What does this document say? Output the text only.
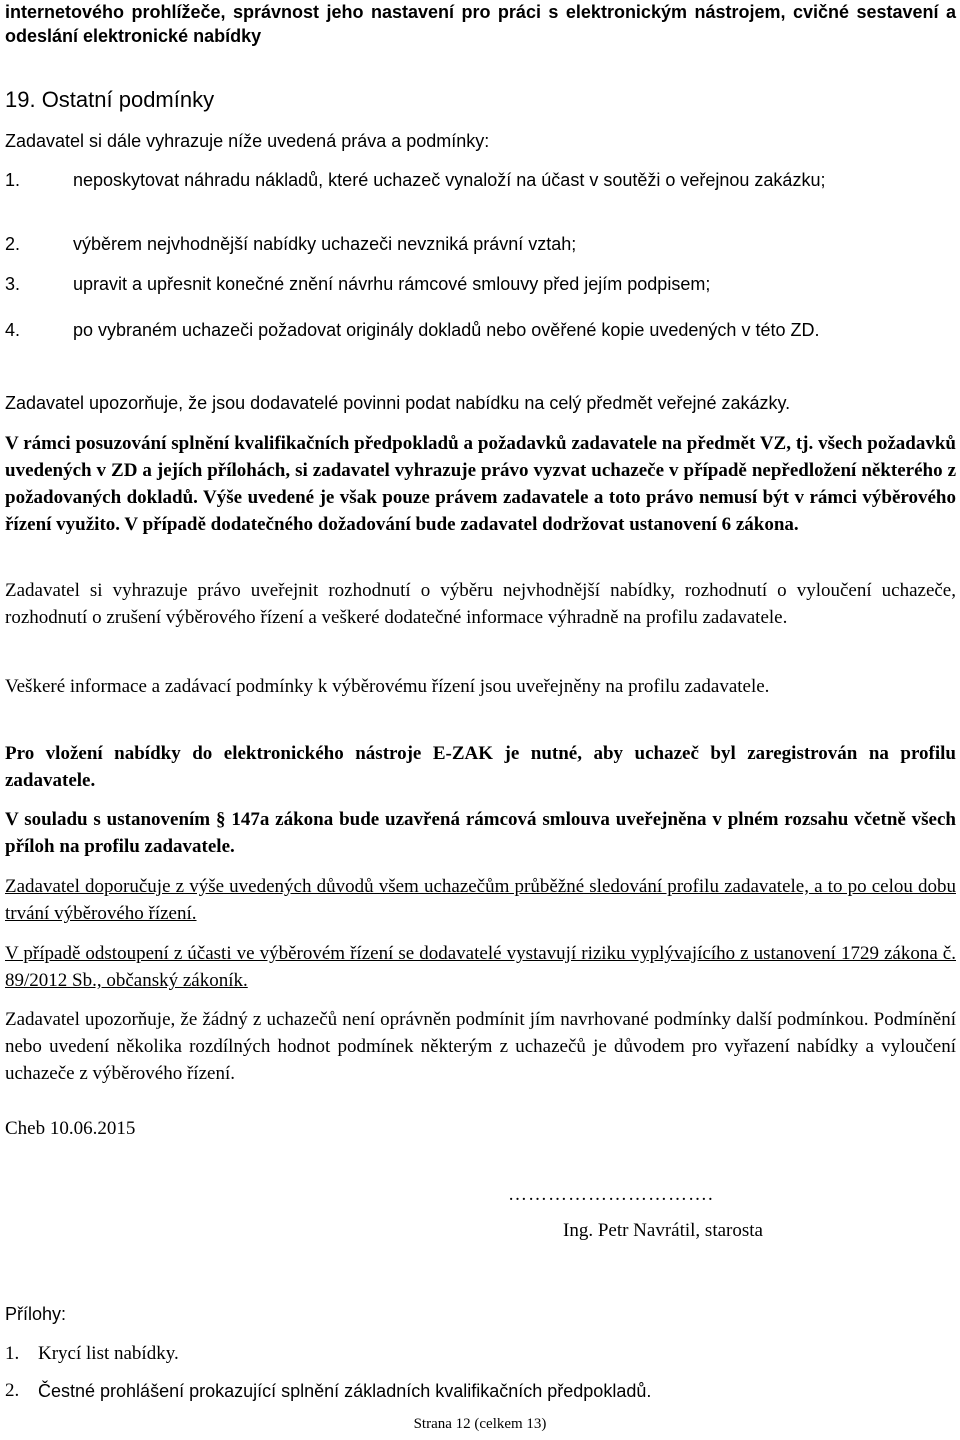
internetového prohlížeče, správnost jeho nastavení pro práci s elektronickým nástrojem, cvičné sestavení a odeslání elektronické nabídky

19. Ostatní podmínky

Zadavatel si dále vyhrazuje níže uvedená práva a podmínky:

1.	neposkytovat náhradu nákladů, které uchazeč vynaloží na účast v soutěži o veřejnou zakázku;
2.	výběrem nejvhodnější nabídky uchazeči nevzniká právní vztah;
3.	upravit a upřesnit konečné znění návrhu rámcové smlouvy před jejím podpisem;
4.	po vybraném uchazeči požadovat originály dokladů nebo ověřené kopie uvedených v této ZD.

Zadavatel upozorňuje, že jsou dodavatelé povinni podat nabídku na celý předmět veřejné zakázky.

V rámci posuzování splnění kvalifikačních předpokladů a požadavků zadavatele na předmět VZ, tj. všech požadavků uvedených v ZD a jejích přílohách, si zadavatel vyhrazuje právo vyzvat uchazeče v případě nepředložení některého z požadovaných dokladů. Výše uvedené je však pouze právem zadavatele a toto právo nemusí být v rámci výběrového řízení využito. V případě dodatečného dožadování bude zadavatel dodržovat ustanovení 6 zákona.

Zadavatel si vyhrazuje právo uveřejnit rozhodnutí o výběru nejvhodnější nabídky, rozhodnutí o vyloučení uchazeče, rozhodnutí o zrušení výběrového řízení a veškeré dodatečné informace výhradně na profilu zadavatele.

Veškeré informace a zadávací podmínky k výběrovému řízení jsou uveřejněny na profilu zadavatele.

Pro vložení nabídky do elektronického nástroje E-ZAK je nutné, aby uchazeč byl zaregistrován na profilu zadavatele.

V souladu s ustanovením § 147a zákona bude uzavřená rámcová smlouva uveřejněna v plném rozsahu včetně všech příloh na profilu zadavatele.

Zadavatel doporučuje z výše uvedených důvodů všem uchazečům průběžné sledování profilu zadavatele, a to po celou dobu trvání výběrového řízení.

V případě odstoupení z účasti ve výběrovém řízení se dodavatelé vystavují riziku vyplývajícího z ustanovení 1729 zákona č. 89/2012 Sb., občanský zákoník.

Zadavatel upozorňuje, že žádný z uchazečů není oprávněn podmínit jím navrhované podmínky další podmínkou. Podmínění nebo uvedení několika rozdílných hodnot podmínek některým z uchazečů je důvodem pro vyřazení nabídky a vyloučení uchazeče z výběrového řízení.

Cheb 10.06.2015

………………………….
Ing. Petr Navrátil, starosta

Přílohy:

1. Krycí list nabídky.
2.	Čestné prohlášení prokazující splnění základních kvalifikačních předpokladů.
Strana 12 (celkem 13)
